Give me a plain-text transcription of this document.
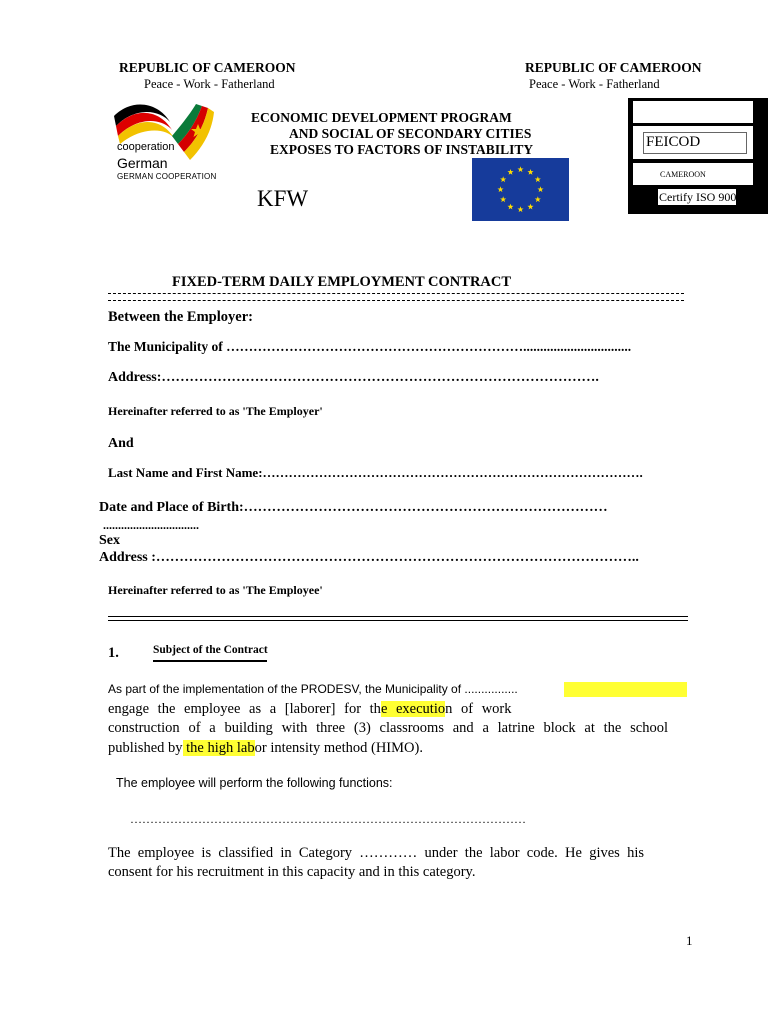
REPUBLIC OF CAMEROON
Peace - Work - Fatherland
cooperation
German
GERMAN COOPERATION
KFW
ECONOMIC DEVELOPMENT PROGRAM
AND SOCIAL OF SECONDARY CITIES
EXPOSES TO FACTORS OF INSTABILITY
REPUBLIC OF CAMEROON
Peace - Work - Fatherland
FEICOD
CAMEROON
Certify ISO 900
FIXED-TERM DAILY EMPLOYMENT CONTRACT
Between the Employer:
The Municipality of …………………………………………………………................................
Address:………………………………………………………………………………….
Hereinafter referred to as 'The Employer'
And
Last Name and First Name:…………………………………………………………………………….
Date and Place of Birth:……………………………………………………………………
................................
Sex
Address :…………………………………………………………………………………………..
Hereinafter referred to as 'The Employee'
1.	Subject of the Contract
As part of the implementation of the PRODESV, the Municipality of ................
engage the employee as a [laborer] for the execution of work
construction of a building with three (3) classrooms and a latrine block at the school
published by the high labor intensity method (HIMO).
The employee will perform the following functions:
………………………………………………………………………………………
The employee is classified in Category ………… under the labor code. He gives his
consent for his recruitment in this capacity and in this category.
1
